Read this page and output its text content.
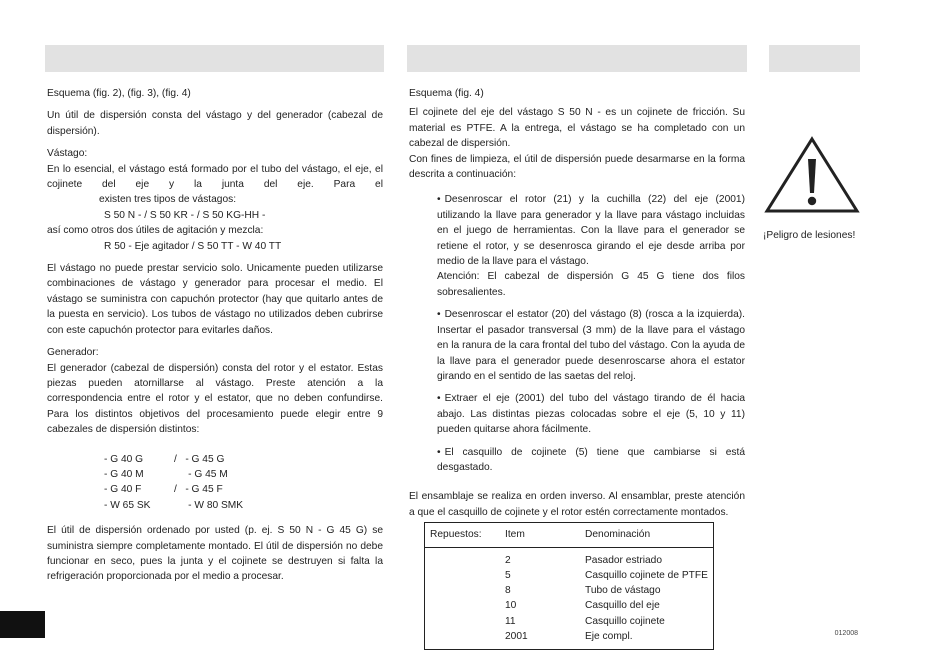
Esquema (fig. 2), (fig. 3), (fig. 4)

Un útil de dispersión consta del vástago y del generador (cabezal de dispersión).

Vástago:
En lo esencial, el vástago está formado por el tubo del vástago, el eje, el cojinete del eje y la junta del eje. Para el
existen tres tipos de vástagos:
S 50 N - / S 50 KR - / S 50 KG-HH -
así como otros dos útiles de agitación y mezcla:
R 50 - Eje agitador / S 50 TT - W 40 TT

El vástago no puede prestar servicio solo. Unicamente pueden utilizarse combinaciones de vástago y generador para procesar el medio. El vástago se suministra con capuchón protector (hay que quitarlo antes de la puesta en servicio). Los tubos de vástago no utilizados deben cubrirse con este capuchón protector para evitarles daños.

Generador:

El generador (cabezal de dispersión) consta del rotor y el estator. Estas piezas pueden atornillarse al vástago. Preste atención a la correspondencia entre el rotor y el estator, que no deben confundirse. Para los distintos objetivos del procesamiento puede elegir entre 9 cabezales de dispersión distintos:

- G 40 G	/   - G 45 G
- G 40 M	- G 45 M
- G 40 F	/   - G 45 F
- W 65 SK	- W 80 SMK

El útil de dispersión ordenado por usted (p. ej. S 50 N - G 45 G) se suministra siempre completamente montado. El útil de dispersión no debe funcionar en seco, pues la junta y el cojinete se destruyen si falta la refrigeración proporcionada por el medio a procesar.

Esquema (fig. 4)

El cojinete del eje del vástago S 50 N - es un cojinete de fricción. Su material es PTFE. A la entrega, el vástago se ha completado con un cabezal de dispersión.

Con fines de limpieza, el útil de dispersión puede desarmarse en la forma descrita a continuación:

• Desenroscar el rotor (21) y la cuchilla (22) del eje (2001) utilizando la llave para generador y la llave para vástago incluidas en el juego de herramientas. Con la llave para el generador se retiene el rotor, y se desenrosca girando el eje desde arriba por medio de la llave para el vástago.
Atención: El cabezal de dispersión G 45 G tiene dos filos sobresalientes.
• Desenroscar el estator (20) del vástago (8) (rosca a la izquierda). Insertar el pasador transversal (3 mm) de la llave para el vástago en la ranura de la cara frontal del tubo del vástago. Con la ayuda de la llave para el generador puede desenroscarse ahora el estator girando en el sentido de las saetas del reloj.
• Extraer el eje (2001) del tubo del vástago tirando de él hacia abajo. Las distintas piezas colocadas sobre el eje (5, 10 y 11) pueden quitarse ahora fácilmente.
• El casquillo de cojinete (5) tiene que cambiarse si está desgastado.

El ensamblaje se realiza en orden inverso. Al ensamblar, preste atención a que el casquillo de cojinete y el rotor estén correctamente montados.

Repuestos:	Item	Denominación
	2	Pasador estriado
	5	Casquillo cojinete de PTFE
	8	Tubo de vástago
	10	Casquillo del eje
	11	Casquillo cojinete
	2001	Eje compl.
¡Peligro de lesiones!
012008
